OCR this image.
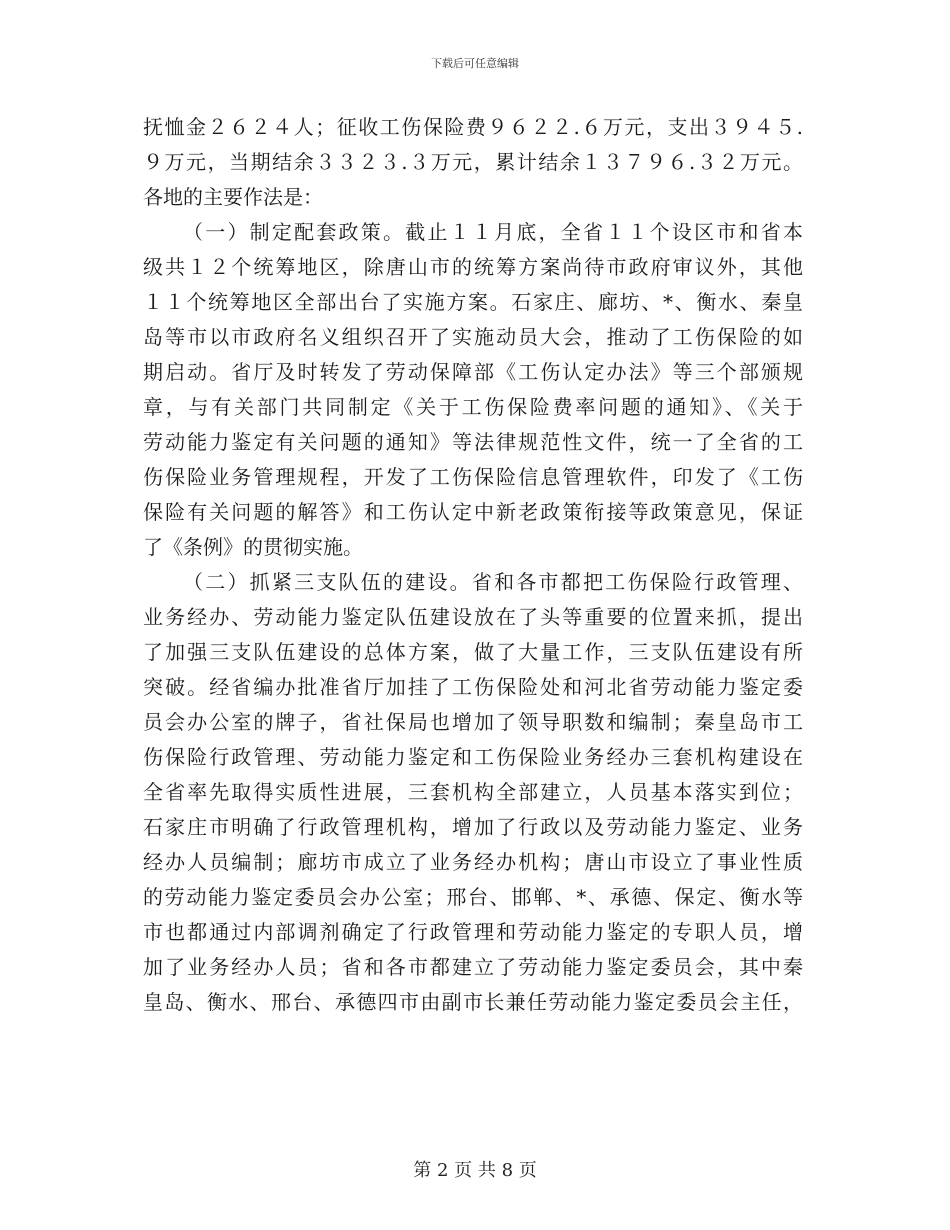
下载后可任意编辑
抚恤金２６２４人；征收工伤保险费９６２２.６万元，支出３９４５.
９万元，当期结余３３２３.３万元，累计结余１３７９６.３２万元。
各地的主要作法是：
（一）制定配套政策。截止１１月底，全省１１个设区市和省本
级共１２个统筹地区，除唐山市的统筹方案尚待市政府审议外，其他
１１个统筹地区全部出台了实施方案。石家庄、廊坊、*、衡水、秦皇
岛等市以市政府名义组织召开了实施动员大会，推动了工伤保险的如
期启动。省厅及时转发了劳动保障部《工伤认定办法》等三个部颁规
章，与有关部门共同制定《关于工伤保险费率问题的通知》、《关于
劳动能力鉴定有关问题的通知》等法律规范性文件，统一了全省的工
伤保险业务管理规程，开发了工伤保险信息管理软件，印发了《工伤
保险有关问题的解答》和工伤认定中新老政策衔接等政策意见，保证
了《条例》的贯彻实施。
（二）抓紧三支队伍的建设。省和各市都把工伤保险行政管理、
业务经办、劳动能力鉴定队伍建设放在了头等重要的位置来抓，提出
了加强三支队伍建设的总体方案，做了大量工作，三支队伍建设有所
突破。经省编办批准省厅加挂了工伤保险处和河北省劳动能力鉴定委
员会办公室的牌子，省社保局也增加了领导职数和编制；秦皇岛市工
伤保险行政管理、劳动能力鉴定和工伤保险业务经办三套机构建设在
全省率先取得实质性进展，三套机构全部建立，人员基本落实到位；
石家庄市明确了行政管理机构，增加了行政以及劳动能力鉴定、业务
经办人员编制；廊坊市成立了业务经办机构；唐山市设立了事业性质
的劳动能力鉴定委员会办公室；邢台、邯郸、*、承德、保定、衡水等
市也都通过内部调剂确定了行政管理和劳动能力鉴定的专职人员，增
加了业务经办人员；省和各市都建立了劳动能力鉴定委员会，其中秦
皇岛、衡水、邢台、承德四市由副市长兼任劳动能力鉴定委员会主任，
第 2 页 共 8 页
